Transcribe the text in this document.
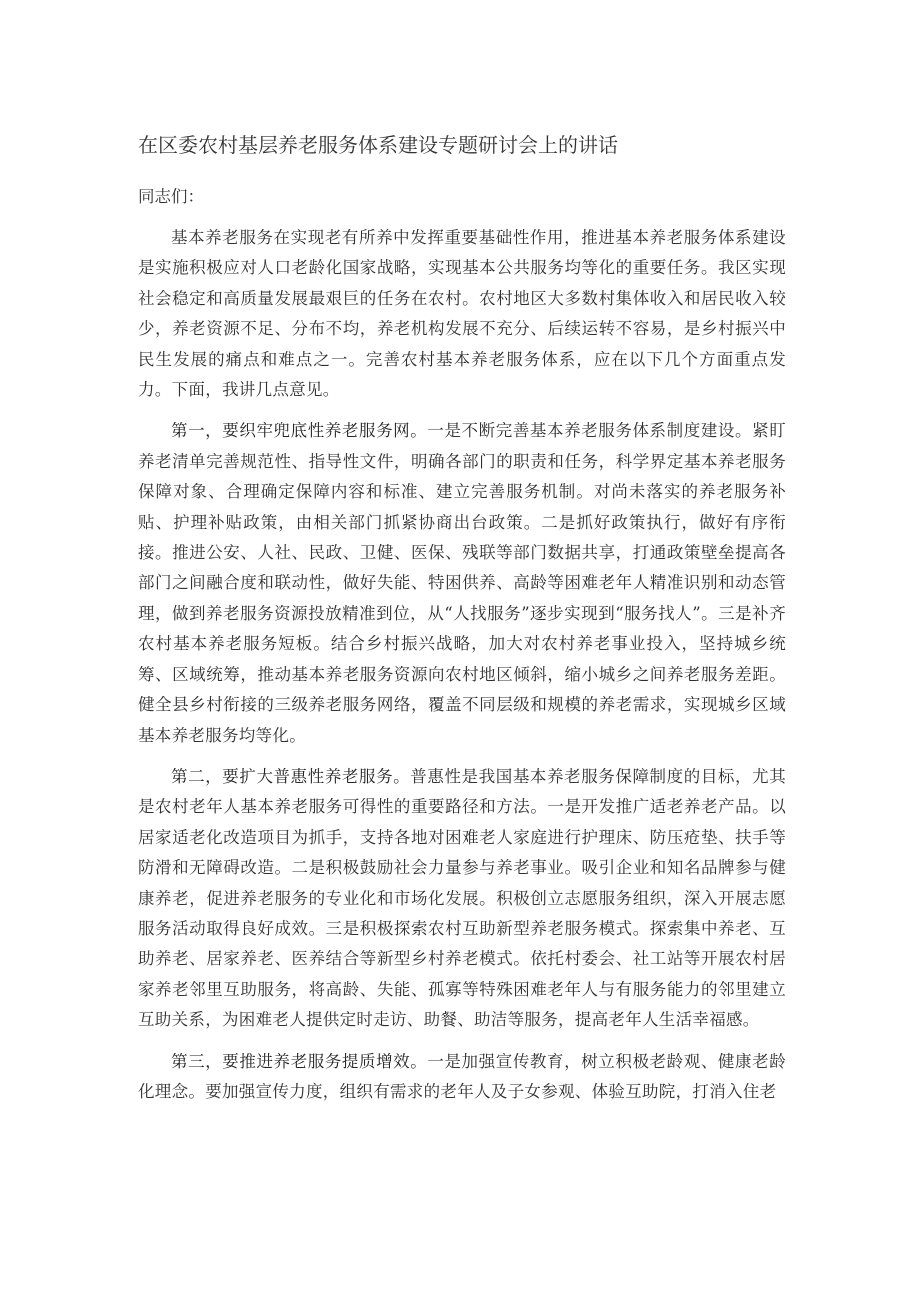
在区委农村基层养老服务体系建设专题研讨会上的讲话

同志们：

基本养老服务在实现老有所养中发挥重要基础性作用，推进基本养老服务体系建设是实施积极应对人口老龄化国家战略，实现基本公共服务均等化的重要任务。我区实现社会稳定和高质量发展最艰巨的任务在农村。农村地区大多数村集体收入和居民收入较少，养老资源不足、分布不均，养老机构发展不充分、后续运转不容易，是乡村振兴中民生发展的痛点和难点之一。完善农村基本养老服务体系，应在以下几个方面重点发力。下面，我讲几点意见。

第一，要织牢兜底性养老服务网。一是不断完善基本养老服务体系制度建设。紧盯养老清单完善规范性、指导性文件，明确各部门的职责和任务，科学界定基本养老服务保障对象、合理确定保障内容和标准、建立完善服务机制。对尚未落实的养老服务补贴、护理补贴政策，由相关部门抓紧协商出台政策。二是抓好政策执行，做好有序衔接。推进公安、人社、民政、卫健、医保、残联等部门数据共享，打通政策壁垒提高各部门之间融合度和联动性，做好失能、特困供养、高龄等困难老年人精准识别和动态管理，做到养老服务资源投放精准到位，从“人找服务”逐步实现到“服务找人”。三是补齐农村基本养老服务短板。结合乡村振兴战略，加大对农村养老事业投入，坚持城乡统筹、区域统筹，推动基本养老服务资源向农村地区倾斜，缩小城乡之间养老服务差距。健全县乡村衔接的三级养老服务网络，覆盖不同层级和规模的养老需求，实现城乡区域基本养老服务均等化。

第二，要扩大普惠性养老服务。普惠性是我国基本养老服务保障制度的目标，尤其是农村老年人基本养老服务可得性的重要路径和方法。一是开发推广适老养老产品。以居家适老化改造项目为抓手，支持各地对困难老人家庭进行护理床、防压疮垫、扶手等防滑和无障碍改造。二是积极鼓励社会力量参与养老事业。吸引企业和知名品牌参与健康养老，促进养老服务的专业化和市场化发展。积极创立志愿服务组织，深入开展志愿服务活动取得良好成效。三是积极探索农村互助新型养老服务模式。探索集中养老、互助养老、居家养老、医养结合等新型乡村养老模式。依托村委会、社工站等开展农村居家养老邻里互助服务，将高龄、失能、孤寡等特殊困难老年人与有服务能力的邻里建立互助关系，为困难老人提供定时走访、助餐、助洁等服务，提高老年人生活幸福感。

第三，要推进养老服务提质增效。一是加强宣传教育，树立积极老龄观、健康老龄化理念。要加强宣传力度，组织有需求的老年人及子女参观、体验互助院，打消入住老
